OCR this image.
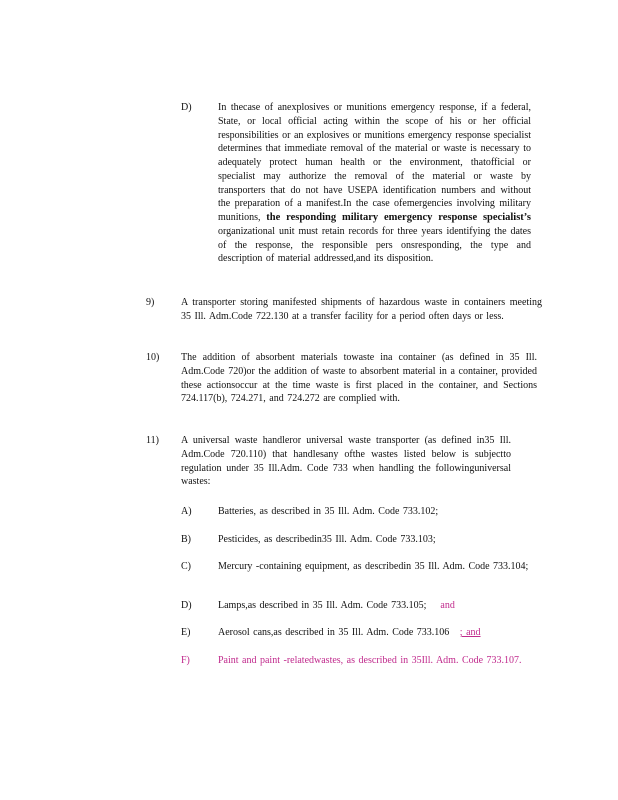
D)	In thecase of anexplosives or munitions emergency response, if a federal, State, or local official acting within the scope of his or her official responsibilities or an explosives or munitions emergency response specialist determines that immediate removal of the material or waste is necessary to adequately protect human health or the environment, thatofficial or specialist may authorize the removal of the material or waste by transporters that do not have USEPA identification numbers and without the preparation of a manifest.In the case ofemergencies involving military munitions, the responding military emergency response specialist’s organizational unit must retain records for three years identifying the dates of the response, the responsible pers onsresponding, the type and description of material addressed,and its disposition.
9)	A transporter storing manifested shipments of hazardous waste in containers meeting 35 Ill. Adm.Code 722.130 at a transfer facility for a period often days or less.
10) The addition of absorbent materials towaste ina container (as defined in 35 Ill. Adm.Code 720)or the addition of waste to absorbent material in a container, provided these actionsoccur at the time waste is first placed in the container, and Sections 724.117(b), 724.271, and 724.272 are complied with.
11) A universal waste handleror universal waste transporter (as defined in35 Ill. Adm.Code 720.110) that handlesany ofthe wastes listed below is subjectto regulation under 35 Ill.Adm. Code 733 when handling the followinguniversal wastes:
A)	Batteries, as described in 35 Ill. Adm. Code 733.102;
B)	Pesticides, as describedin35 Ill. Adm. Code 733.103;
C)	Mercury -containing equipment, as describedin 35 Ill. Adm. Code 733.104;
D)	Lamps,as described in 35 Ill. Adm. Code 733.105; and
E)	Aerosol cans,as described in 35 Ill. Adm. Code 733.106 ; and
F)	Paint and paint -relatedwastes, as described in 35Ill. Adm. Code 733.107.
